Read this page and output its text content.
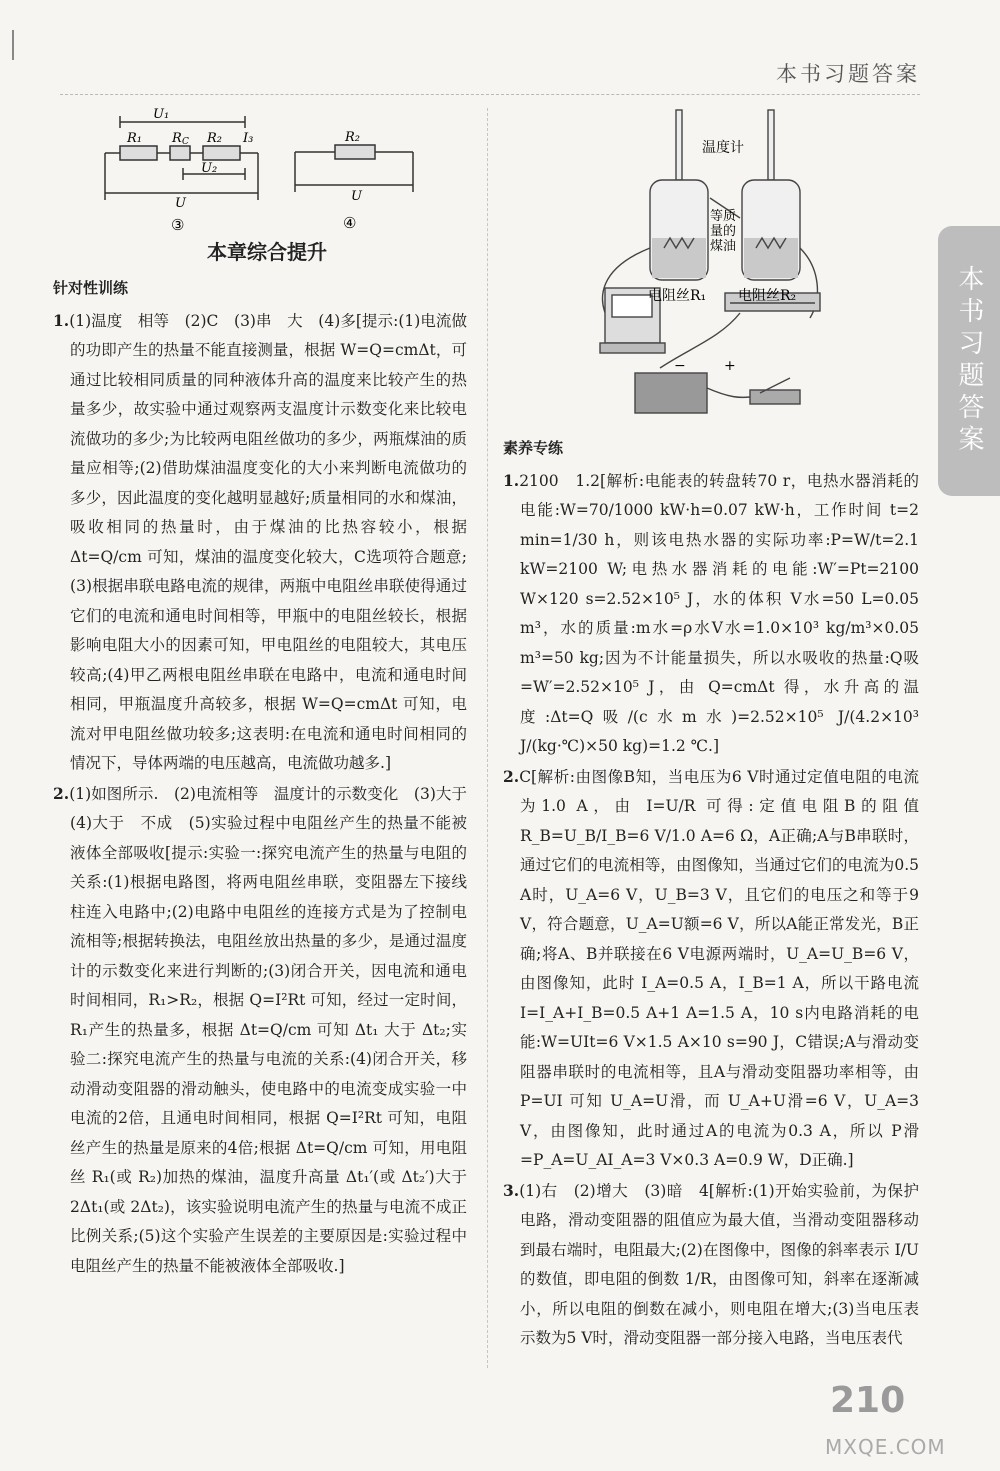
本书习题答案
本书习题答案
U₁
R₁ R C R₂ I₃
U₂
U
③
R₂
U
④
本章综合提升
温度计
等质
量的
煤油
电阻丝R₁ 电阻丝R₂
−	+
针对性训练

1.(1)温度　相等　(2)C　(3)串　大　(4)多[提示:(1)电流做的功即产生的热量不能直接测量，根据 W=Q=cmΔt，可通过比较相同质量的同种液体升高的温度来比较产生的热量多少，故实验中通过观察两支温度计示数变化来比较电流做功的多少;为比较两电阻丝做功的多少，两瓶煤油的质量应相等;(2)借助煤油温度变化的大小来判断电流做功的多少，因此温度的变化越明显越好;质量相同的水和煤油，吸收相同的热量时，由于煤油的比热容较小，根据 Δt=Q/cm 可知，煤油的温度变化较大，C选项符合题意;(3)根据串联电路电流的规律，两瓶中电阻丝串联使得通过它们的电流和通电时间相等，甲瓶中的电阻丝较长，根据影响电阻大小的因素可知，甲电阻丝的电阻较大，其电压较高;(4)甲乙两根电阻丝串联在电路中，电流和通电时间相同，甲瓶温度升高较多，根据 W=Q=cmΔt 可知，电流对甲电阻丝做功较多;这表明:在电流和通电时间相同的情况下，导体两端的电压越高，电流做功越多.]

2.(1)如图所示.　(2)电流相等　温度计的示数变化　(3)大于　(4)大于　不成　(5)实验过程中电阻丝产生的热量不能被液体全部吸收[提示:实验一:探究电流产生的热量与电阻的关系:(1)根据电路图，将两电阻丝串联，变阻器左下接线柱连入电路中;(2)电路中电阻丝的连接方式是为了控制电流相等;根据转换法，电阻丝放出热量的多少，是通过温度计的示数变化来进行判断的;(3)闭合开关，因电流和通电时间相同，R₁>R₂，根据 Q=I²Rt 可知，经过一定时间，R₁产生的热量多，根据 Δt=Q/cm 可知 Δt₁ 大于 Δt₂;实验二:探究电流产生的热量与电流的关系:(4)闭合开关，移动滑动变阻器的滑动触头，使电路中的电流变成实验一中电流的2倍，且通电时间相同，根据 Q=I²Rt 可知，电阻丝产生的热量是原来的4倍;根据 Δt=Q/cm 可知，用电阻丝 R₁(或 R₂)加热的煤油，温度升高量 Δt₁′(或 Δt₂′)大于 2Δt₁(或 2Δt₂)，该实验说明电流产生的热量与电流不成正比例关系;(5)这个实验产生误差的主要原因是:实验过程中电阻丝产生的热量不能被液体全部吸收.]

素养专练

1.2100　1.2[解析:电能表的转盘转70 r，电热水器消耗的电能:W=70/1000 kW·h=0.07 kW·h，工作时间 t=2 min=1/30 h，则该电热水器的实际功率:P=W/t=2.1 kW=2100 W;电热水器消耗的电能:W′=Pt=2100 W×120 s=2.52×10⁵ J，水的体积 V水=50 L=0.05 m³，水的质量:m水=ρ水V水=1.0×10³ kg/m³×0.05 m³=50 kg;因为不计能量损失，所以水吸收的热量:Q吸=W′=2.52×10⁵ J，由 Q=cmΔt 得，水升高的温度:Δt=Q吸/(c水m水)=2.52×10⁵ J/(4.2×10³ J/(kg·℃)×50 kg)=1.2 ℃.]

2.C[解析:由图像B知，当电压为6 V时通过定值电阻的电流为1.0 A，由 I=U/R 可得:定值电阻B的阻值 R_B=U_B/I_B=6 V/1.0 A=6 Ω，A正确;A与B串联时，通过它们的电流相等，由图像知，当通过它们的电流为0.5 A时，U_A=6 V，U_B=3 V，且它们的电压之和等于9 V，符合题意，U_A=U额=6 V，所以A能正常发光，B正确;将A、B并联接在6 V电源两端时，U_A=U_B=6 V，由图像知，此时 I_A=0.5 A，I_B=1 A，所以干路电流 I=I_A+I_B=0.5 A+1 A=1.5 A，10 s内电路消耗的电能:W=UIt=6 V×1.5 A×10 s=90 J，C错误;A与滑动变阻器串联时的电流相等，且A与滑动变阻器功率相等，由 P=UI 可知 U_A=U滑，而 U_A+U滑=6 V，U_A=3 V，由图像知，此时通过A的电流为0.3 A，所以 P滑=P_A=U_AI_A=3 V×0.3 A=0.9 W，D正确.]

3.(1)右　(2)增大　(3)暗　4[解析:(1)开始实验前，为保护电路，滑动变阻器的阻值应为最大值，当滑动变阻器移动到最右端时，电阻最大;(2)在图像中，图像的斜率表示 I/U 的数值，即电阻的倒数 1/R，由图像可知，斜率在逐渐减小，所以电阻的倒数在减小，则电阻在增大;(3)当电压表示数为5 V时，滑动变阻器一部分接入电路，当电压表代

210
MXQE.COM
